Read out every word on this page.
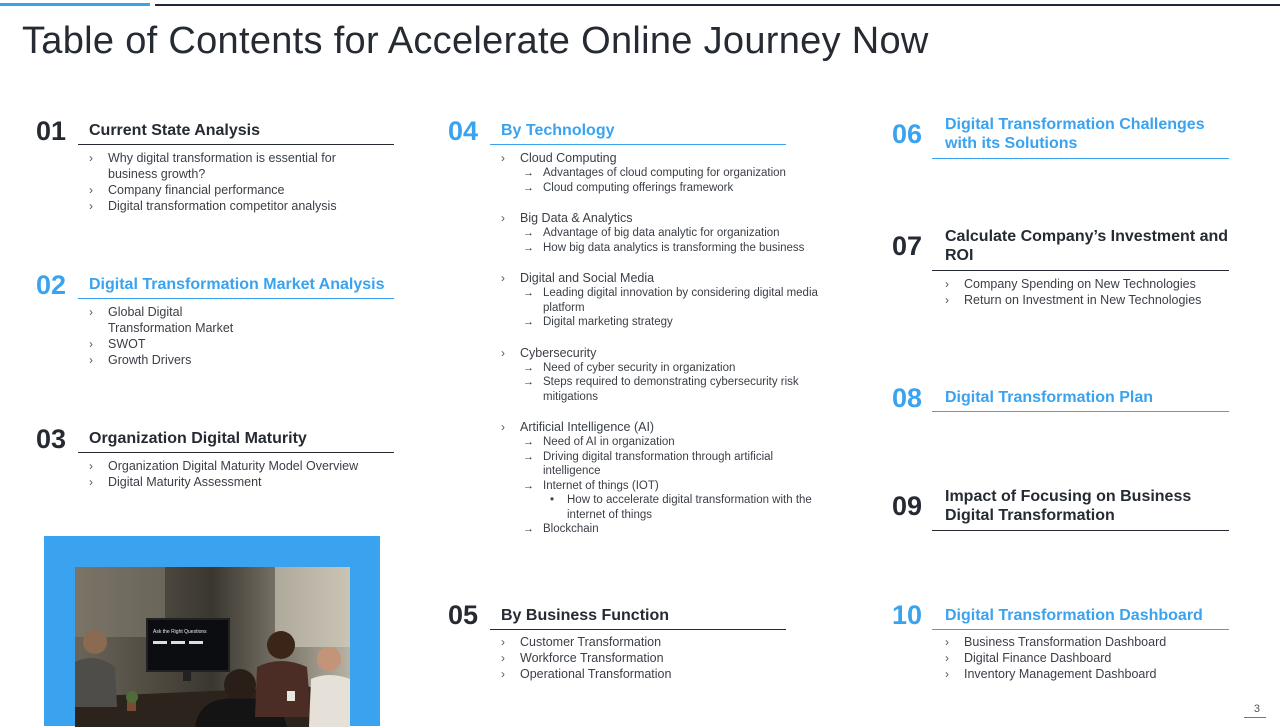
Table of Contents for Accelerate Online Journey Now
01 Current State Analysis
› Why digital transformation is essential for business growth?
› Company financial performance
› Digital transformation competitor analysis
02 Digital Transformation Market Analysis
› Global Digital Transformation Market
› SWOT
› Growth Drivers
03 Organization Digital Maturity
› Organization Digital Maturity Model Overview
› Digital Maturity Assessment
04 By Technology
› Cloud Computing
→ Advantages of cloud computing for organization
→ Cloud computing offerings framework
› Big Data & Analytics
→ Advantage of big data analytic for organization
→ How big data analytics is transforming the business
› Digital and Social Media
→ Leading digital innovation by considering digital media platform
→ Digital marketing strategy
› Cybersecurity
→ Need of cyber security in organization
→ Steps required to demonstrating cybersecurity risk mitigations
› Artificial Intelligence (AI)
→ Need of AI in organization
→ Driving digital transformation through artificial intelligence
→ Internet of things (IOT)
• How to accelerate digital transformation with the internet of things
→ Blockchain
05 By Business Function
› Customer Transformation
› Workforce Transformation
› Operational Transformation
06 Digital Transformation Challenges with its Solutions
07 Calculate Company’s Investment and ROI
› Company Spending on New Technologies
› Return on Investment in New Technologies
08 Digital Transformation Plan
09 Impact of Focusing on Business Digital Transformation
10 Digital Transformation Dashboard
› Business Transformation Dashboard
› Digital Finance Dashboard
› Inventory Management Dashboard
Ask the Right Questions
3
